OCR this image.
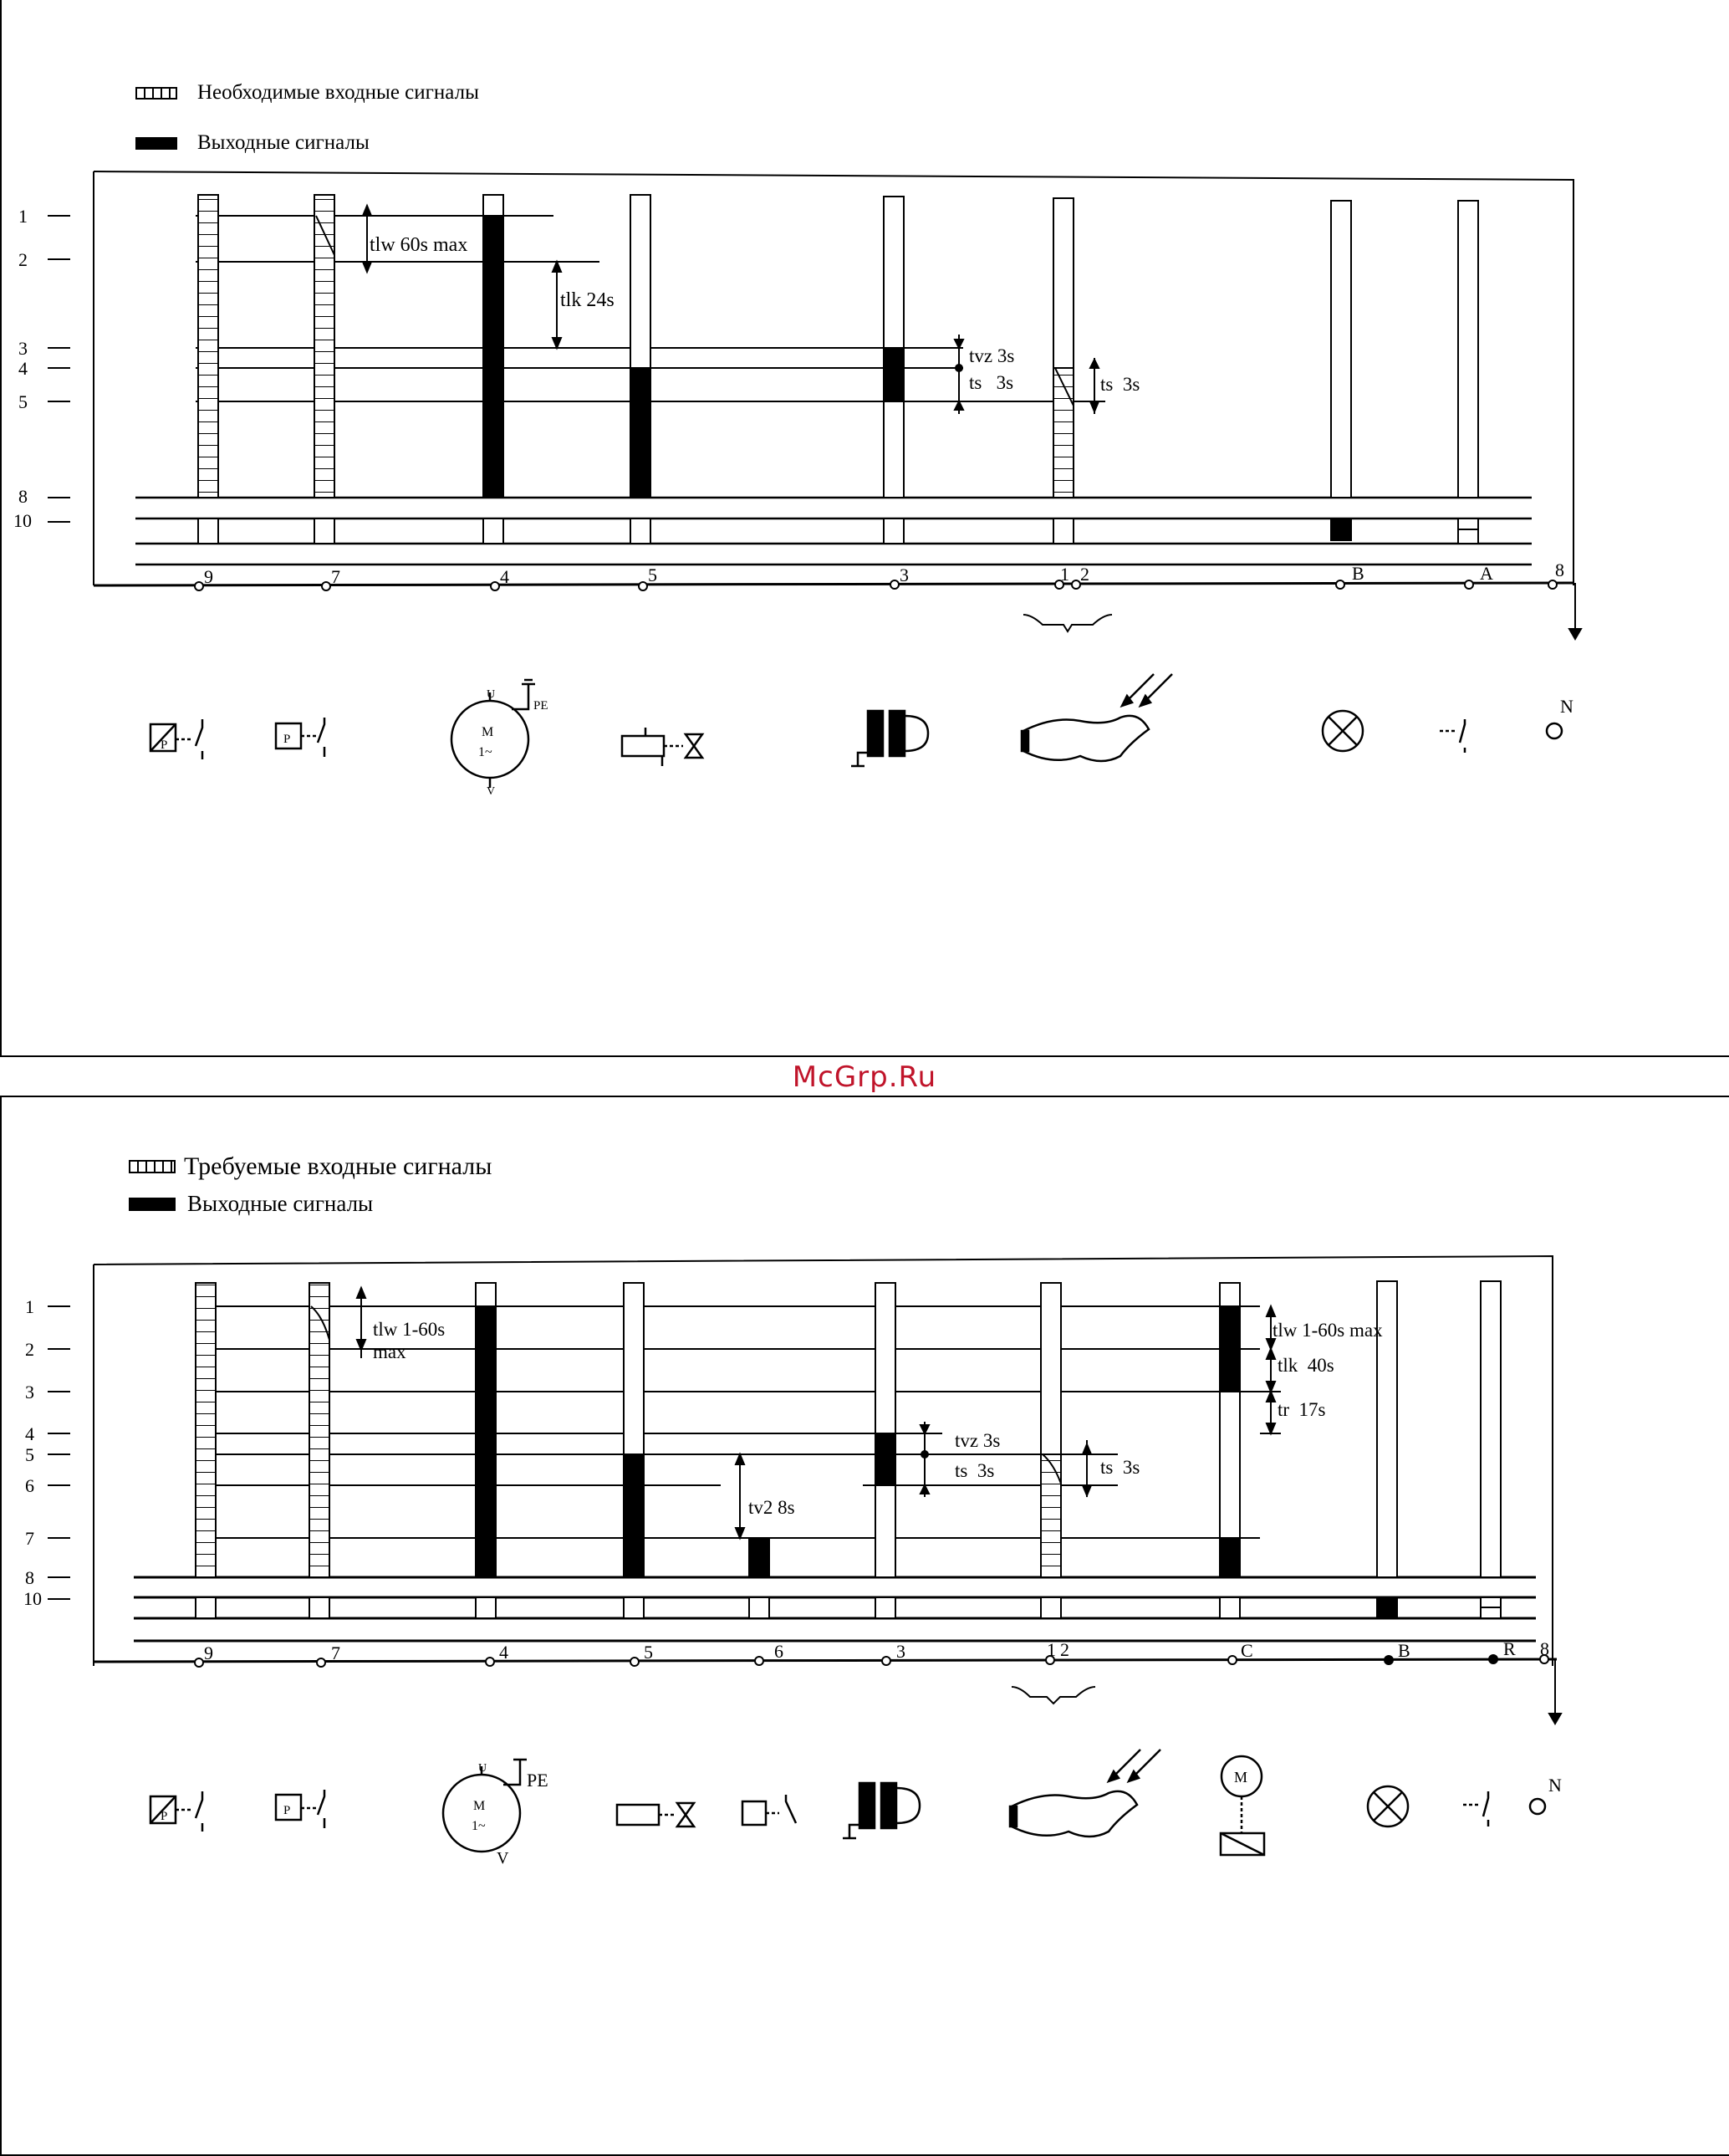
Необходимые входные сигналы
Выходные сигналы
1
2
3
4
5
8
10
9	7	4	5	3	1 2	B	A	8
tlw 60s max
tlk 24s
tvz 3s
ts   3s	ts  3s
P	P	M
1~
U
V
PE	N
McGrp.Ru
Требуемые входные сигналы
Выходные сигналы
1
2
3
4
5
6
7
8
10
9	7	4	5	6	3	1 2	C	B	R 8
tlw 1-60s
max
tlw 1-60s max
tlk  40s
tr  17s
tvz 3s
ts  3s	ts  3s
tv2 8s
P	P	M
1~
U
V
PE	M	N
